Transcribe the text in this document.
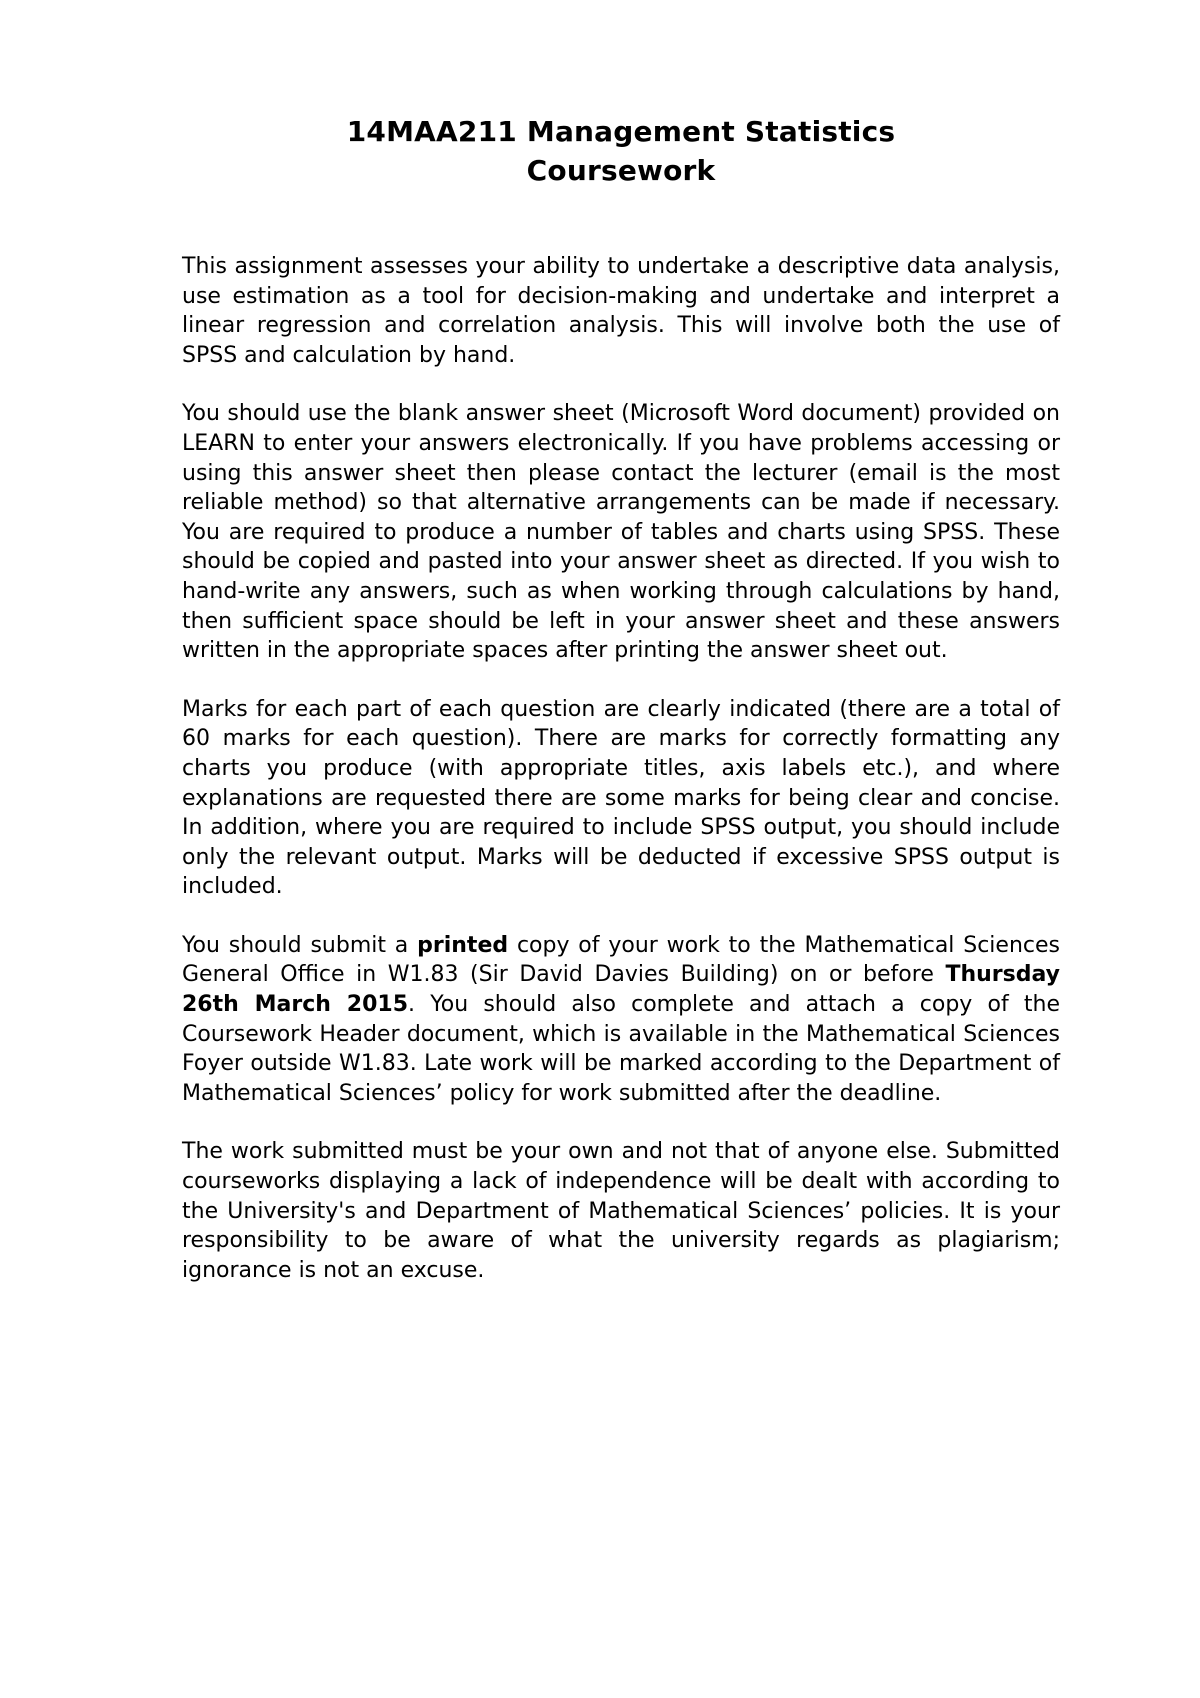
14MAA211 Management Statistics
Coursework

This assignment assesses your ability to undertake a descriptive data analysis, use estimation as a tool for decision-making and undertake and interpret a linear regression and correlation analysis. This will involve both the use of SPSS and calculation by hand.

You should use the blank answer sheet (Microsoft Word document) provided on LEARN to enter your answers electronically. If you have problems accessing or using this answer sheet then please contact the lecturer (email is the most reliable method) so that alternative arrangements can be made if necessary. You are required to produce a number of tables and charts using SPSS. These should be copied and pasted into your answer sheet as directed. If you wish to hand-write any answers, such as when working through calculations by hand, then sufficient space should be left in your answer sheet and these answers written in the appropriate spaces after printing the answer sheet out.

Marks for each part of each question are clearly indicated (there are a total of 60 marks for each question). There are marks for correctly formatting any charts you produce (with appropriate titles, axis labels etc.), and where explanations are requested there are some marks for being clear and concise. In addition, where you are required to include SPSS output, you should include only the relevant output. Marks will be deducted if excessive SPSS output is included.

You should submit a printed copy of your work to the Mathematical Sciences General Office in W1.83 (Sir David Davies Building) on or before Thursday 26th March 2015. You should also complete and attach a copy of the Coursework Header document, which is available in the Mathematical Sciences Foyer outside W1.83. Late work will be marked according to the Department of Mathematical Sciences’ policy for work submitted after the deadline.

The work submitted must be your own and not that of anyone else. Submitted courseworks displaying a lack of independence will be dealt with according to the University's and Department of Mathematical Sciences’ policies. It is your responsibility to be aware of what the university regards as plagiarism; ignorance is not an excuse.
